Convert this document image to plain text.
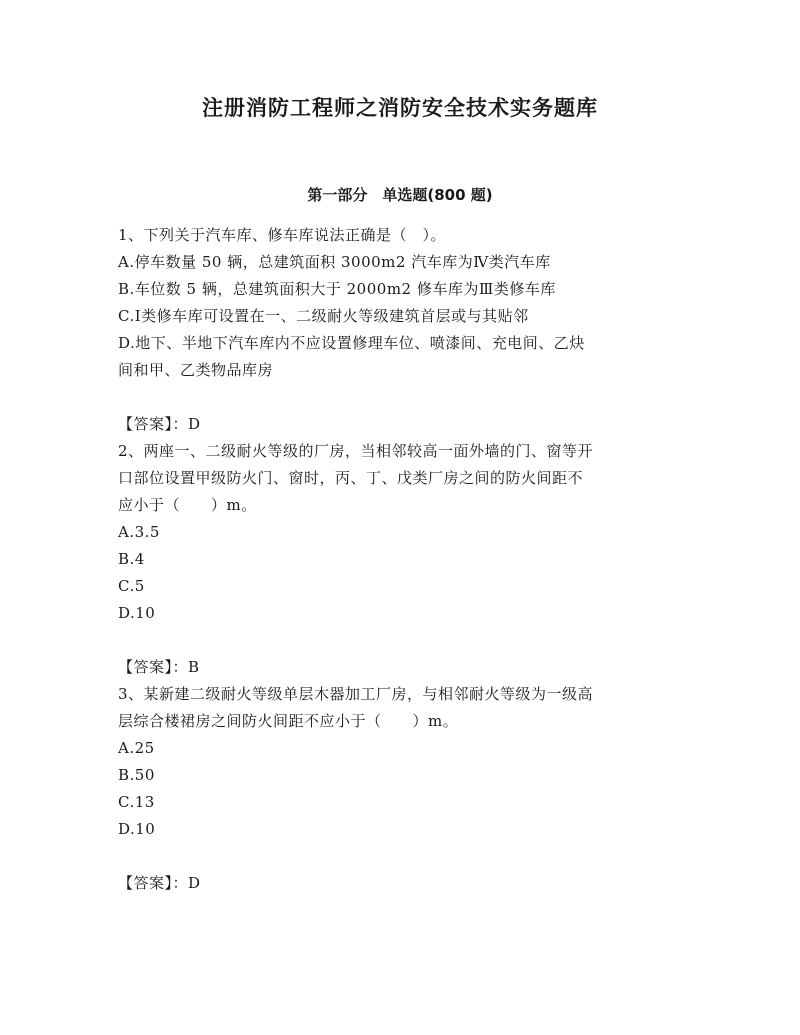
注册消防工程师之消防安全技术实务题库
第一部分　单选题(800 题)
1、下列关于汽车库、修车库说法正确是（　）。
A.停车数量 50 辆，总建筑面积 3000m2 汽车库为Ⅳ类汽车库
B.车位数 5 辆，总建筑面积大于 2000m2 修车库为Ⅲ类修车库
C.Ⅰ类修车库可设置在一、二级耐火等级建筑首层或与其贴邻
D.地下、半地下汽车库内不应设置修理车位、喷漆间、充电间、乙炔
间和甲、乙类物品库房
【答案】：D
2、两座一、二级耐火等级的厂房，当相邻较高一面外墙的门、窗等开
口部位设置甲级防火门、窗时，丙、丁、戊类厂房之间的防火间距不
应小于（　　）m。
A.3.5
B.4
C.5
D.10
【答案】：B
3、某新建二级耐火等级单层木器加工厂房，与相邻耐火等级为一级高
层综合楼裙房之间防火间距不应小于（　　）m。
A.25
B.50
C.13
D.10
【答案】：D
